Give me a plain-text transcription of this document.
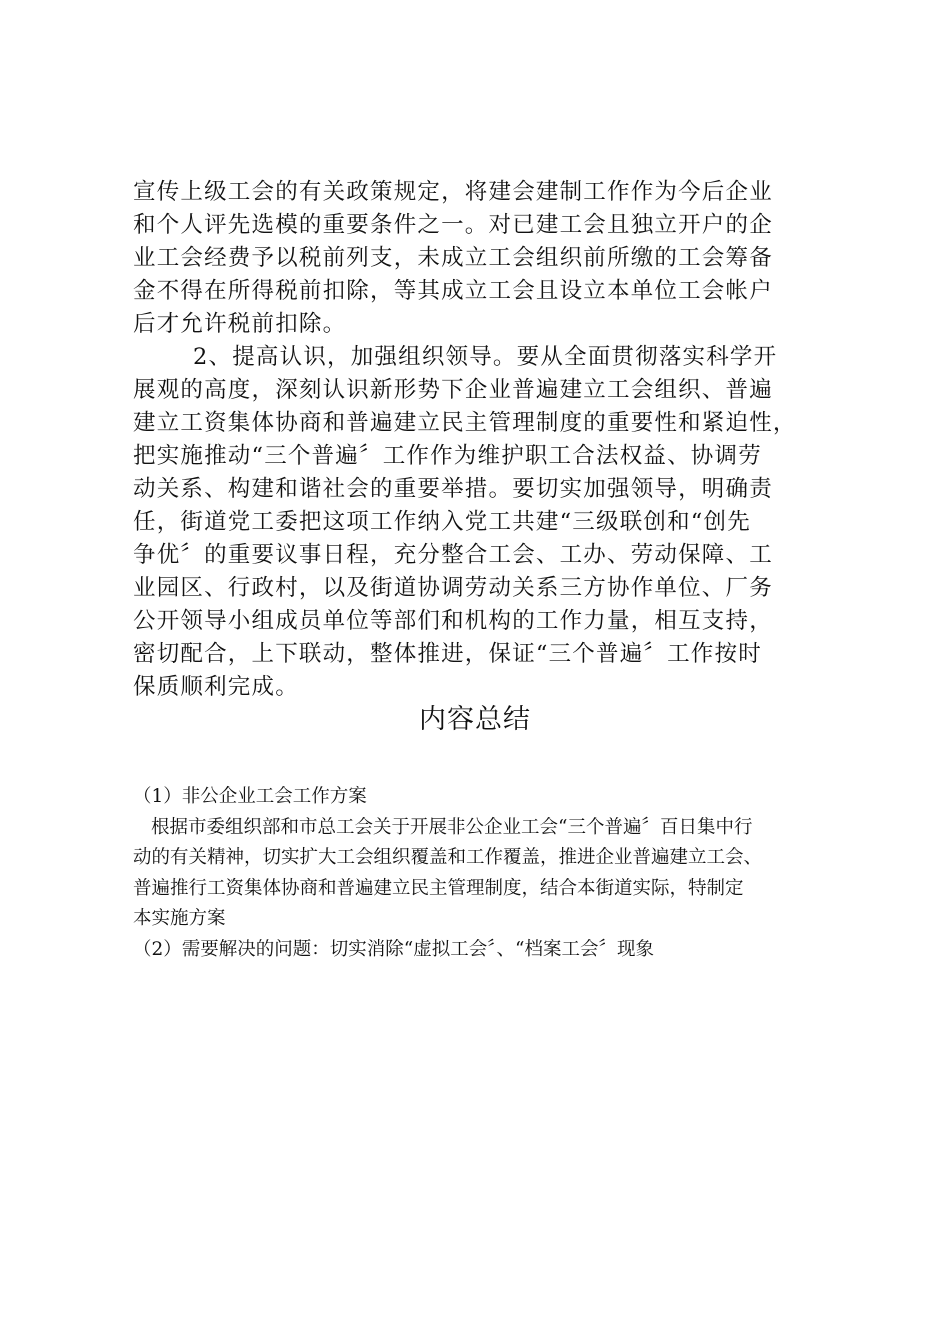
宣传上级工会的有关政策规定，将建会建制工作作为今后企业
和个人评先选模的重要条件之一。对已建工会且独立开户的企
业工会经费予以税前列支，未成立工会组织前所缴的工会筹备
金不得在所得税前扣除，等其成立工会且设立本单位工会帐户
后才允许税前扣除。
2、提高认识，加强组织领导。要从全面贯彻落实科学开
展观的高度，深刻认识新形势下企业普遍建立工会组织、普遍
建立工资集体协商和普遍建立民主管理制度的重要性和紧迫性，
把实施推动“三个普遍〞工作作为维护职工合法权益、协调劳
动关系、构建和谐社会的重要举措。要切实加强领导，明确责
任，街道党工委把这项工作纳入党工共建“三级联创和“创先
争优〞的重要议事日程，充分整合工会、工办、劳动保障、工
业园区、行政村，以及街道协调劳动关系三方协作单位、厂务
公开领导小组成员单位等部们和机构的工作力量，相互支持，
密切配合，上下联动，整体推进，保证“三个普遍〞工作按时
保质顺利完成。
内容总结
（1）非公企业工会工作方案
根据市委组织部和市总工会关于开展非公企业工会“三个普遍〞百日集中行
动的有关精神，切实扩大工会组织覆盖和工作覆盖，推进企业普遍建立工会、
普遍推行工资集体协商和普遍建立民主管理制度，结合本街道实际，特制定
本实施方案
（2）需要解决的问题：切实消除“虚拟工会〞、“档案工会〞现象
